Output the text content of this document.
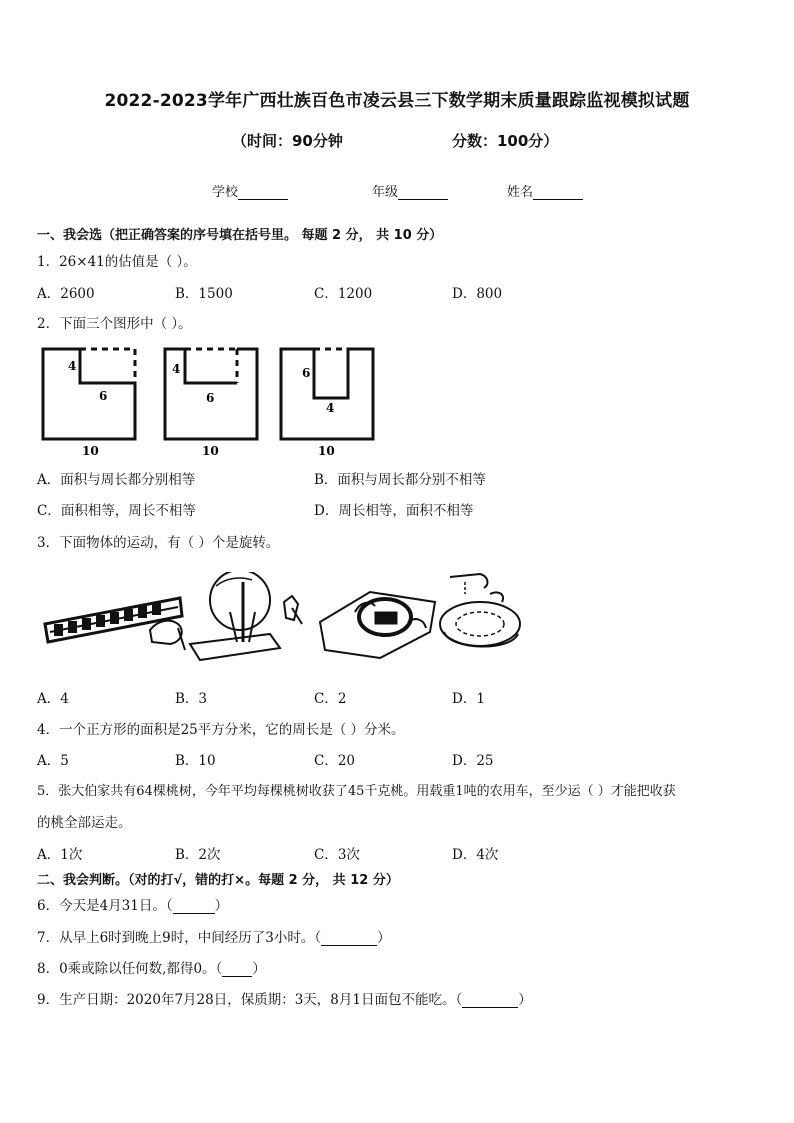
2022-2023学年广西壮族百色市凌云县三下数学期末质量跟踪监视模拟试题
（时间：90分钟	分数：100分）
学校	年级	姓名
一、我会选（把正确答案的序号填在括号里。 每题 2 分， 共 10 分）
1．26×41的估值是（ ）。
A．2600	B．1500	C．1200	D．800
2．下面三个图形中（ ）。
4
6
10
4
6
10
6
4
10
A．面积与周长都分别相等	B．面积与周长都分别不相等
C．面积相等，周长不相等	D．周长相等，面积不相等
3．下面物体的运动，有（ ）个是旋转。
A．4	B．3	C．2	D．1
4．一个正方形的面积是25平方分米，它的周长是（ ）分米。
A．5	B．10	C．20	D．25
5．张大伯家共有64棵桃树，今年平均每棵桃树收获了45千克桃。用载重1吨的农用车，至少运（ ）才能把收获
的桃全部运走。
A．1次	B．2次	C．3次	D．4次
二、我会判断。（对的打√，错的打×。每题 2 分， 共 12 分）
6．今天是4月31日。（	）
7．从早上6时到晚上9时，中间经历了3小时。（	）
8．0乘或除以任何数,都得0。（ ）
9．生产日期：2020年7月28日，保质期：3天，8月1日面包不能吃。（	）
